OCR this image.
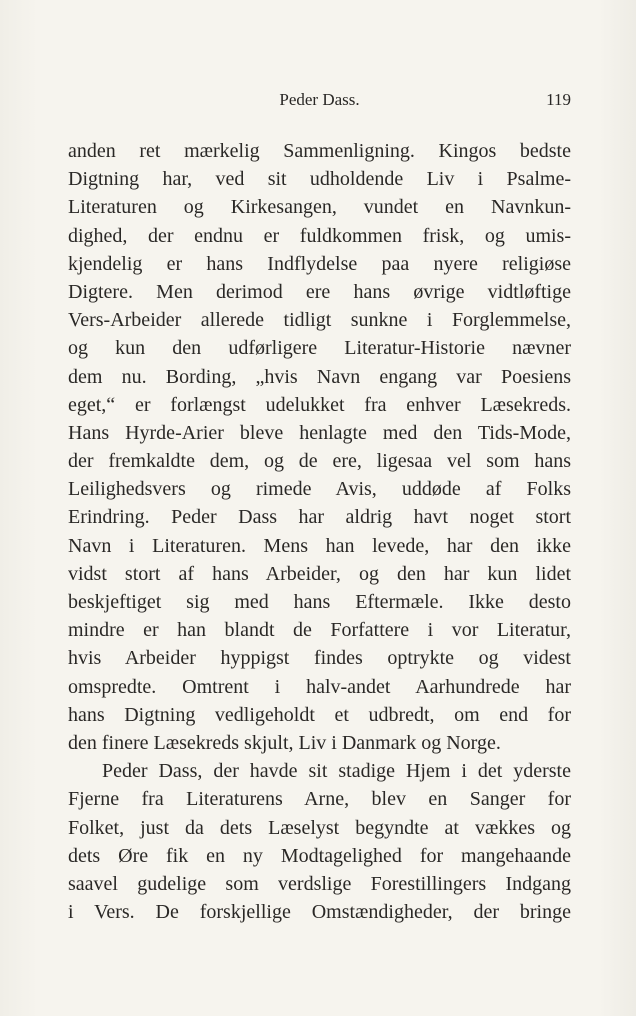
Peder Dass.	119
anden ret mærkelig Sammenligning. Kingos bedste
Digtning har, ved sit udholdende Liv i Psalme-
Literaturen og Kirkesangen, vundet en Navnkun-
dighed, der endnu er fuldkommen frisk, og umis-
kjendelig er hans Indflydelse paa nyere religiøse
Digtere. Men derimod ere hans øvrige vidtløftige
Vers-Arbeider allerede tidligt sunkne i Forglemmelse,
og kun den udførligere Literatur-Historie nævner
dem nu. Bording, „hvis Navn engang var Poesiens
eget,“ er forlængst udelukket fra enhver Læsekreds.
Hans Hyrde-Arier bleve henlagte med den Tids-Mode,
der fremkaldte dem, og de ere, ligesaa vel som hans
Leilighedsvers og rimede Avis, uddøde af Folks
Erindring. Peder Dass har aldrig havt noget stort
Navn i Literaturen. Mens han levede, har den ikke
vidst stort af hans Arbeider, og den har kun lidet
beskjeftiget sig med hans Eftermæle. Ikke desto
mindre er han blandt de Forfattere i vor Literatur,
hvis Arbeider hyppigst findes optrykte og videst
omspredte. Omtrent i halv-andet Aarhundrede har
hans Digtning vedligeholdt et udbredt, om end for
den finere Læsekreds skjult, Liv i Danmark og Norge.
Peder Dass, der havde sit stadige Hjem i det yderste
Fjerne fra Literaturens Arne, blev en Sanger for
Folket, just da dets Læselyst begyndte at vækkes og
dets Øre fik en ny Modtagelighed for mangehaande
saavel gudelige som verdslige Forestillingers Indgang
i Vers. De forskjellige Omstændigheder, der bringe
